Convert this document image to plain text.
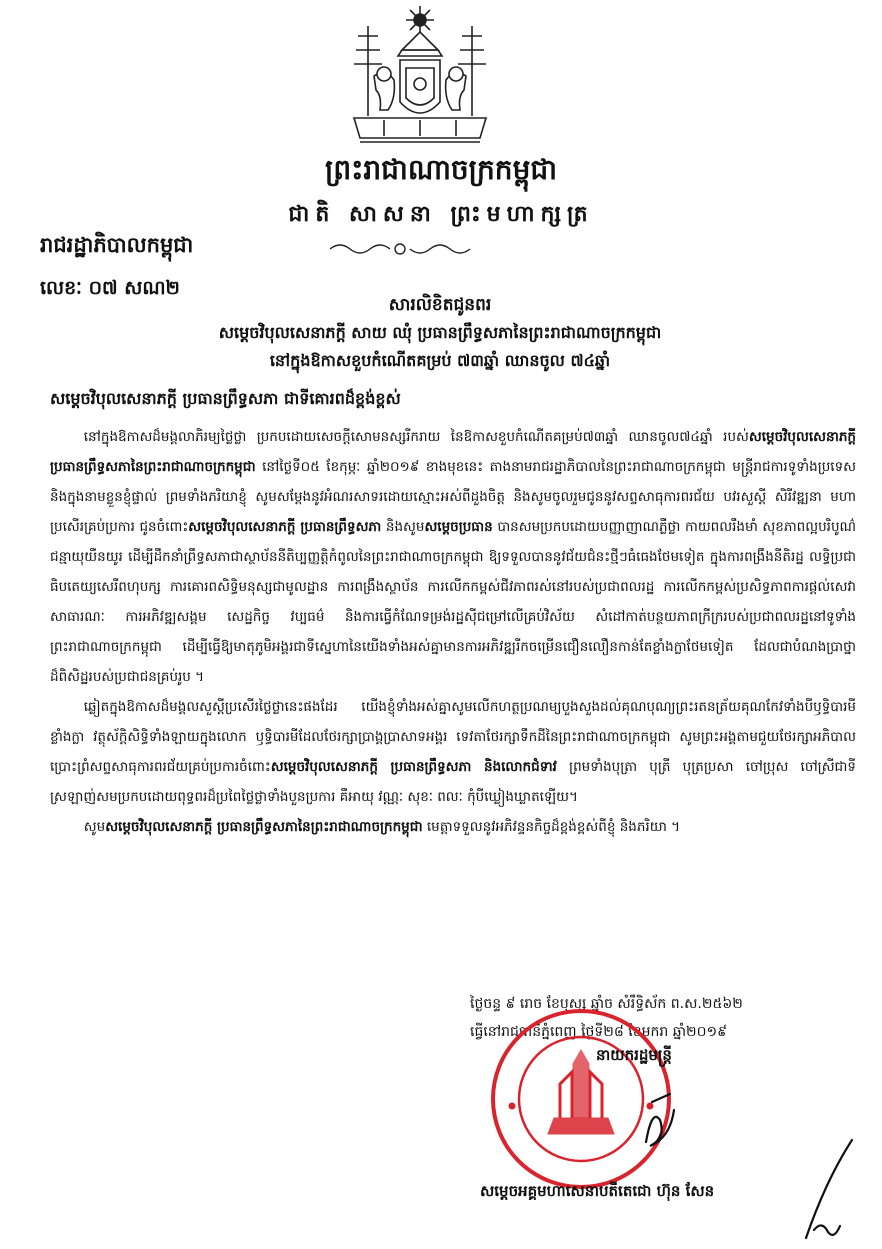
ព្រះរាជាណាចក្រកម្ពុជា
ជាតិ សាសនា ព្រះមហាក្សត្រ
រាជរដ្ឋាភិបាលកម្ពុជា
លេខៈ ០៧ សណ២
សារលិខិតជូនពរ
សម្តេចវិបុលសេនាភក្តី សាយ ឈុំ ប្រធានព្រឹទ្ធសភានៃព្រះរាជាណាចក្រកម្ពុជា
នៅក្នុងឱកាសខួបកំណើតគម្រប់ ៧៣ឆ្នាំ ឈានចូល ៧៤ឆ្នាំ
សម្តេចវិបុលសេនាភក្តី ប្រធានព្រឹទ្ធសភា ជាទីគោរពដ៏ខ្ពង់ខ្ពស់

នៅក្នុងឱកាសដ៏មង្គលាភិរម្យថ្លៃថ្លា ប្រកបដោយសេចក្តីសោមនស្សរីករាយ នៃឱកាសខួបកំណើតគម្រប់៧៣ឆ្នាំ ឈានចូល៧៤ឆ្នាំ របស់សម្តេចវិបុលសេនាភក្តី ប្រធានព្រឹទ្ធសភានៃព្រះរាជាណាចក្រកម្ពុជា នៅថ្ងៃទី០៥ ខែកុម្ភៈ ឆ្នាំ២០១៩ ខាងមុខនេះ តាងនាមរាជរដ្ឋាភិបាលនៃព្រះរាជាណាចក្រកម្ពុជា មន្ត្រីរាជការទូទាំងប្រទេស និងក្នុងនាមខ្លួនខ្ញុំផ្ទាល់ ព្រមទាំងភរិយាខ្ញុំ សូមសម្តែងនូវអំណរសាទរដោយស្មោះអស់ពីដួងចិត្ត និងសូមចូលរួមជូននូវសព្ទសាធុការពរជ័យ បវរសួស្តី សិរីវឌ្ឍនា មហាប្រសើរគ្រប់ប្រការ ជូនចំពោះសម្តេចវិបុលសេនាភក្តី ប្រធានព្រឹទ្ធសភា និងសូមសម្តេចប្រធាន បានសមប្រកបដោយបញ្ញាញាណភ្លឺថ្លា កាយពលរឹងមាំ សុខភាពល្អបរិបូណ៌ ជន្មាយុយឺនយូរ ដើម្បីដឹកនាំព្រឹទ្ធសភាជាស្ថាប័ននីតិប្បញ្ញត្តិកំពូលនៃព្រះរាជាណាចក្រកម្ពុជា ឱ្យទទួលបាននូវជ័យជំនះថ្មីៗធំធេងថែមទៀត ក្នុងការពង្រឹងនីតិរដ្ឋ លទ្ធិប្រជាធិបតេយ្យសេរីពហុបក្ស ការគោរពសិទ្ធិមនុស្សជាមូលដ្ឋាន ការពង្រឹងស្ថាប័ន ការលើកកម្ពស់ជីវភាពរស់នៅរបស់ប្រជាពលរដ្ឋ ការលើកកម្ពស់ប្រសិទ្ធភាពការផ្តល់សេវាសាធារណៈ ការអភិវឌ្ឍសង្គម សេដ្ឋកិច្ច វប្បធម៌ និងការធ្វើកំណែទម្រង់រដ្ឋស៊ីជម្រៅលើគ្រប់វិស័យ សំដៅកាត់បន្ថយភាពក្រីក្ររបស់ប្រជាពលរដ្ឋនៅទូទាំងព្រះរាជាណាចក្រកម្ពុជា ដើម្បីធ្វើឱ្យមាតុភូមិអង្គរជាទីស្នេហានៃយើងទាំងអស់គ្នាមានការអភិវឌ្ឍរីកចម្រើនជឿនលឿនកាន់តែខ្លាំងក្លាថែមទៀត ដែលជាបំណងប្រាថ្នាដ៏ពិសិដ្ឋរបស់ប្រជាជនគ្រប់រូប ។

ឆ្លៀតក្នុងឱកាសដ៏មង្គលសួស្តីប្រសើរថ្លៃថ្លានេះផងដែរ យើងខ្ញុំទាំងអស់គ្នាសូមលើកហត្ថប្រណម្យបួងសួងដល់គុណបុណ្យព្រះរតនត្រ័យគុណកែវទាំងបីឫទ្ធិបារមីខ្លាំងក្លា វត្ថុស័ក្តិសិទ្ធិទាំងឡាយក្នុងលោក ឫទ្ធិបារមីដែលថែរក្សាប្រាង្គប្រាសាទអង្គរ ទេវតាថែរក្សាទឹកដីនៃព្រះរាជាណាចក្រកម្ពុជា សូមព្រះអង្គតាមជួយថែរក្សាអភិបាលប្រោះព្រំសព្ទសាធុការពរជ័យគ្រប់ប្រការចំពោះសម្តេចវិបុលសេនាភក្តី ប្រធានព្រឹទ្ធសភា និងលោកជំទាវ ព្រមទាំងបុត្រា បុត្រី បុត្រប្រសា ចៅប្រុស ចៅស្រីជាទីស្រឡាញ់សមប្រកបដោយពុទ្ធពរដ៏ប្រពៃថ្លៃថ្លាទាំងបួនប្រការ គឺអាយុ វណ្ណៈ សុខៈ ពលៈ កុំបីឃ្លៀងឃ្លាតឡើយ។

សូមសម្តេចវិបុលសេនាភក្តី ប្រធានព្រឹទ្ធសភានៃព្រះរាជាណាចក្រកម្ពុជា មេត្តាទទួលនូវអភិវន្ទនកិច្ចដ៏ខ្ពង់ខ្ពស់ពីខ្ញុំ និងភរិយា ។

ថ្ងៃចន្ទ ៩ រោច ខែបុស្ស ឆ្នាំច សំរឹទ្ធិស័ក ព.ស.២៥៦២
ធ្វើនៅរាជធានីភ្នំពេញ ថ្ងៃទី២៨ ខែមករា ឆ្នាំ២០១៩
នាយករដ្ឋមន្ត្រី
សម្តេចអគ្គមហាសេនាបតីតេជោ ហ៊ុន សែន
